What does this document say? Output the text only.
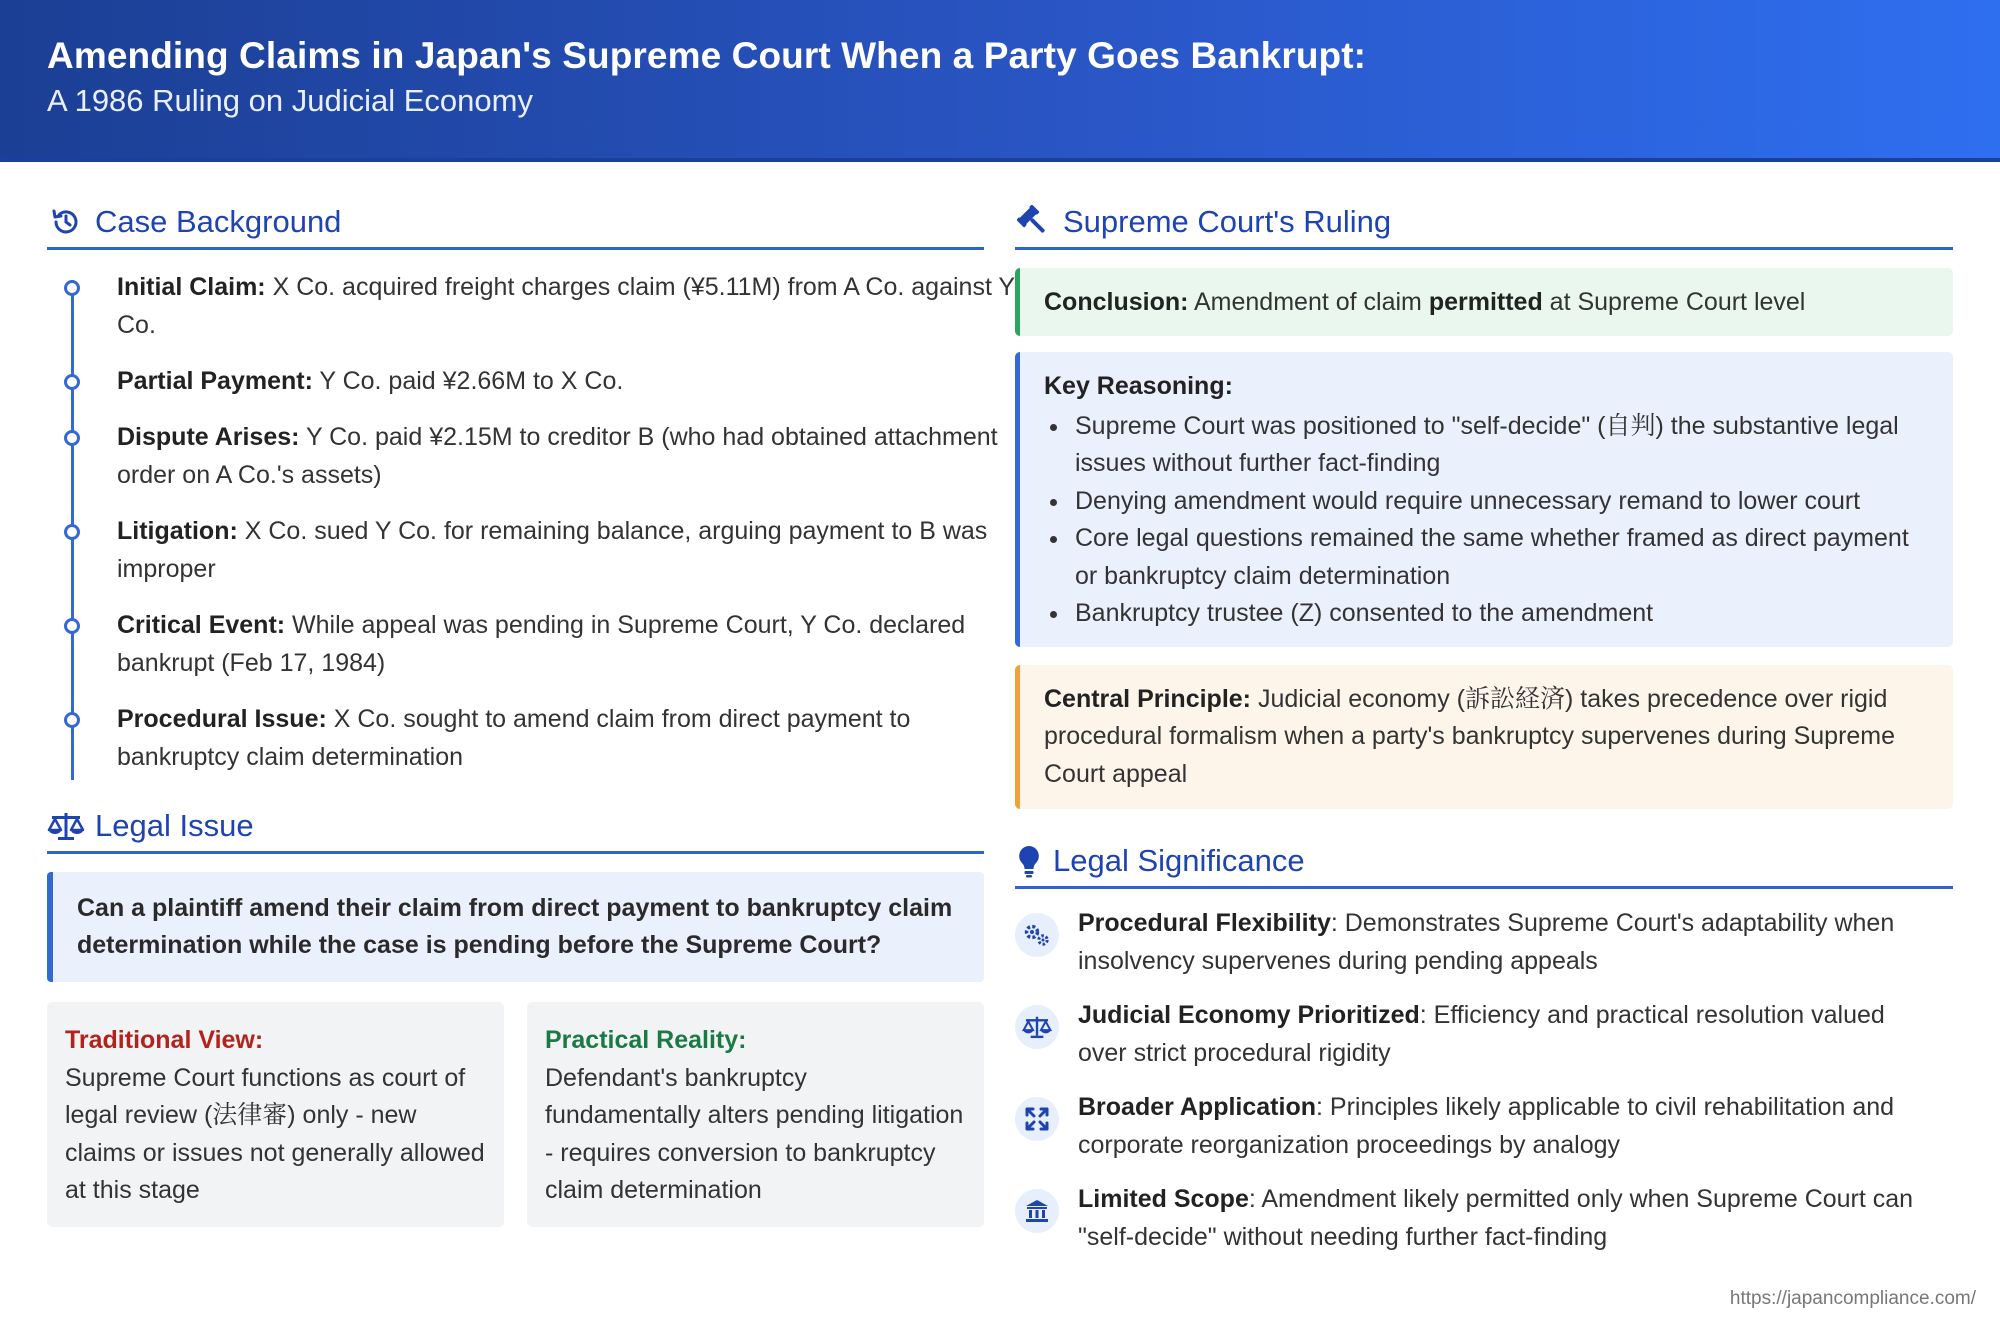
Amending Claims in Japan's Supreme Court When a Party Goes Bankrupt:
A 1986 Ruling on Judicial Economy
Case Background
Initial Claim: X Co. acquired freight charges claim (¥5.11M) from A Co. against Y Co.
Partial Payment: Y Co. paid ¥2.66M to X Co.
Dispute Arises: Y Co. paid ¥2.15M to creditor B (who had obtained attachment order on A Co.'s assets)
Litigation: X Co. sued Y Co. for remaining balance, arguing payment to B was improper
Critical Event: While appeal was pending in Supreme Court, Y Co. declared bankrupt (Feb 17, 1984)
Procedural Issue: X Co. sought to amend claim from direct payment to bankruptcy claim determination
Legal Issue
Can a plaintiff amend their claim from direct payment to bankruptcy claim determination while the case is pending before the Supreme Court?
Traditional View:
Supreme Court functions as court of legal review (法律審) only - new claims or issues not generally allowed at this stage
Practical Reality:
Defendant's bankruptcy fundamentally alters pending litigation - requires conversion to bankruptcy claim determination
Supreme Court's Ruling
Conclusion: Amendment of claim permitted at Supreme Court level
Key Reasoning:
Supreme Court was positioned to "self-decide" (自判) the substantive legal issues without further fact-finding
Denying amendment would require unnecessary remand to lower court
Core legal questions remained the same whether framed as direct payment or bankruptcy claim determination
Bankruptcy trustee (Z) consented to the amendment
Central Principle: Judicial economy (訴訟経済) takes precedence over rigid procedural formalism when a party's bankruptcy supervenes during Supreme Court appeal
Legal Significance
Procedural Flexibility: Demonstrates Supreme Court's adaptability when insolvency supervenes during pending appeals
Judicial Economy Prioritized: Efficiency and practical resolution valued over strict procedural rigidity
Broader Application: Principles likely applicable to civil rehabilitation and corporate reorganization proceedings by analogy
Limited Scope: Amendment likely permitted only when Supreme Court can "self-decide" without needing further fact-finding
https://japancompliance.com/
